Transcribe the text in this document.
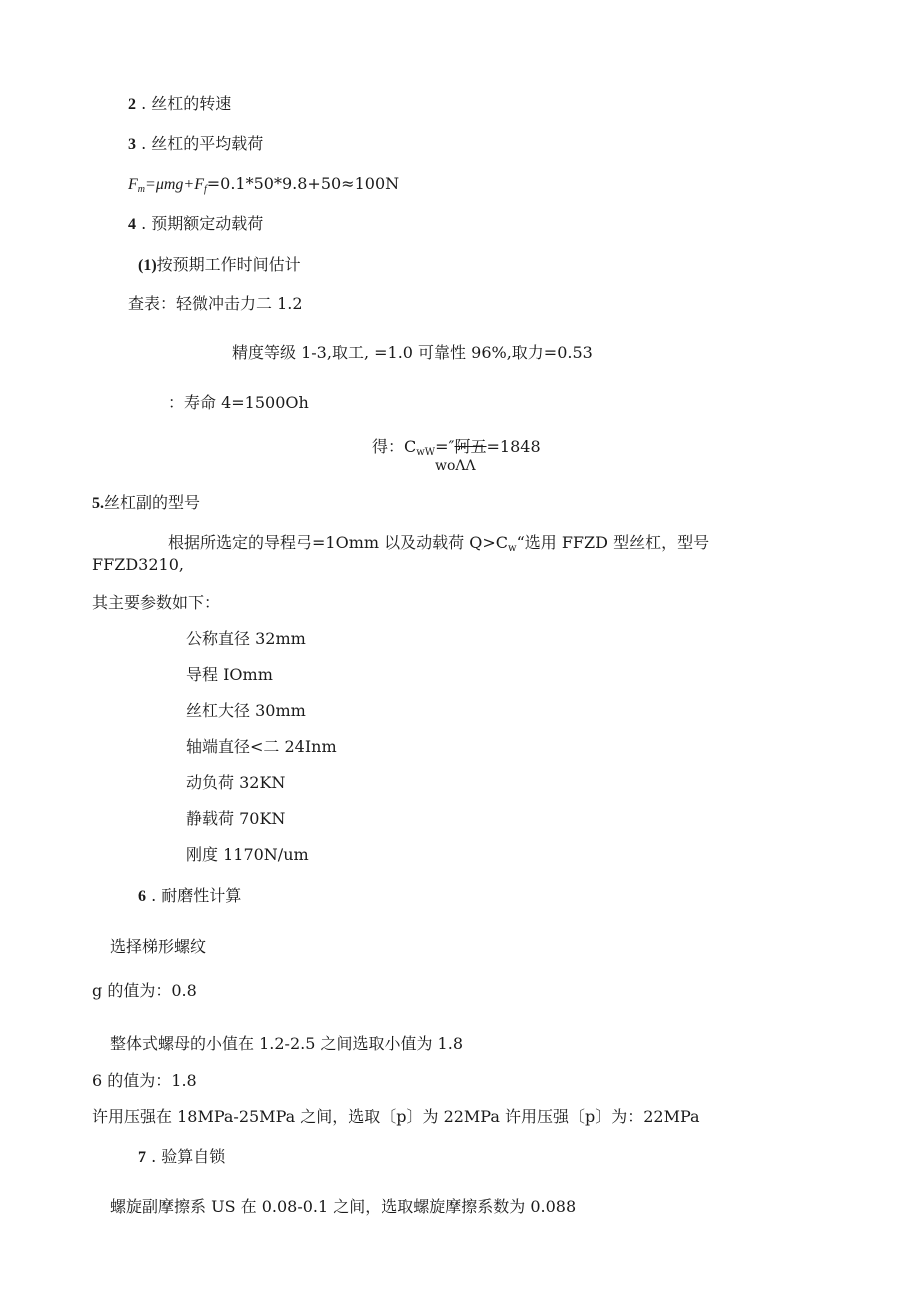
2 . 丝杠的转速
3 . 丝杠的平均载荷
$F_m=\mu mg+F_f=0.1*50*9.8+50\approx 100N$
4 . 预期额定动载荷
(1)按预期工作时间估计
查表：轻微冲击力二 1.2
精度等级 1-3,取工, =1.0 可靠性 96%,取力=0.53
：寿命 4=1500Oh
得：$C_{wW}=''$阿五=1848
woΛΛ
5.丝杠副的型号
根据所选定的导程弓=1Omm 以及动载荷 $Q>C_w“$选用 FFZD 型丝杠，型号
FFZD3210,
其主要参数如下：
公称直径 32mm
导程 IOmm
丝杠大径 30mm
轴端直径<二 24Inm
动负荷 32KN
静载荷 70KN
刚度 1170N∕um
6 . 耐磨性计算
选择梯形螺纹
g 的值为：0.8
整体式螺母的小值在 1.2-2.5 之间选取小值为 1.8
6 的值为：1.8
许用压强在 18MPa-25MPa 之间，选取〔p〕为 22MPa 许用压强〔p〕为：22MPa
7 . 验算自锁
螺旋副摩擦系 US 在 0.08-0.1 之间，选取螺旋摩擦系数为 0.088
